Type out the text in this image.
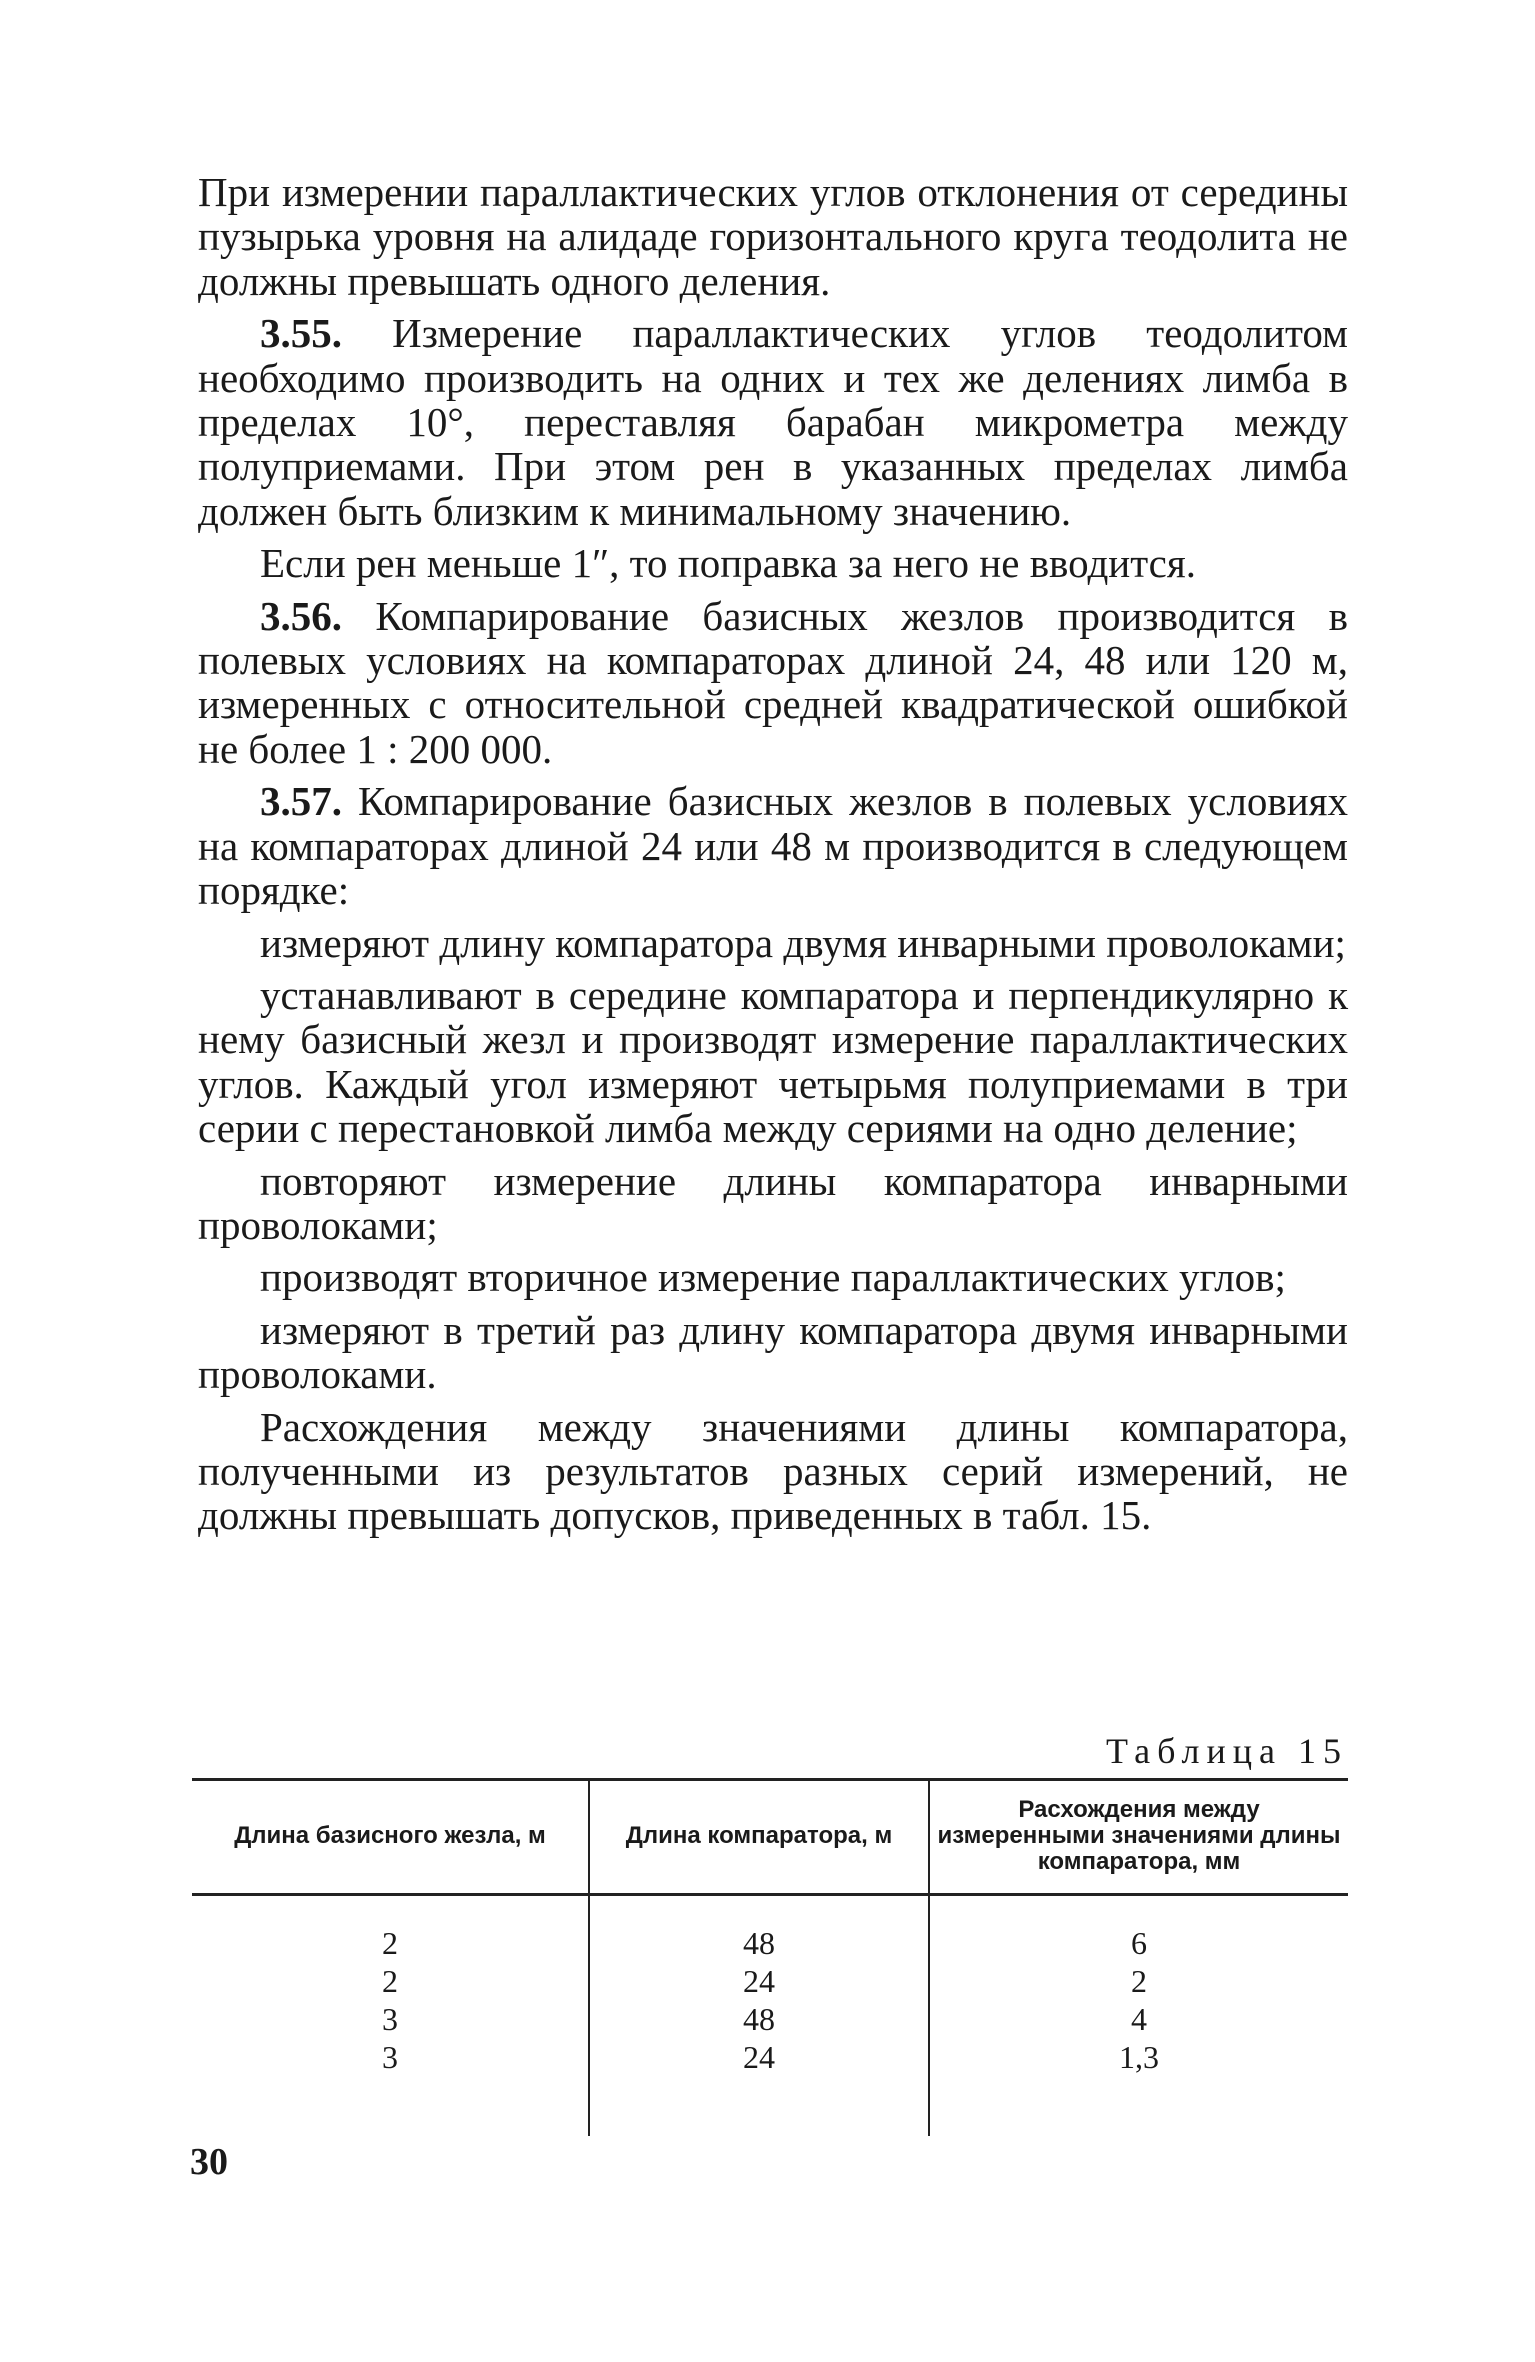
При измерении параллактических углов отклонения от середины пузырька уровня на алидаде горизонтального круга теодолита не должны превышать одного деления.

3.55. Измерение параллактических углов теодолитом необходимо производить на одних и тех же делениях лимба в пределах 10°, переставляя барабан микрометра между полуприемами. При этом рен в указанных пределах лимба должен быть близким к минимальному значению.

Если рен меньше 1″, то поправка за него не вводится.

3.56. Компарирование базисных жезлов производится в полевых условиях на компараторах длиной 24, 48 или 120 м, измеренных с относительной средней квадратической ошибкой не более 1 : 200 000.

3.57. Компарирование базисных жезлов в полевых условиях на компараторах длиной 24 или 48 м производится в следующем порядке:

измеряют длину компаратора двумя инварными проволоками;

устанавливают в середине компаратора и перпендикулярно к нему базисный жезл и производят измерение параллактических углов. Каждый угол измеряют четырьмя полуприемами в три серии с перестановкой лимба между сериями на одно деление;

повторяют измерение длины компаратора инварными проволоками;

производят вторичное измерение параллактических углов;

измеряют в третий раз длину компаратора двумя инварными проволоками.

Расхождения между значениями длины компаратора, полученными из результатов разных серий измерений, не должны превышать допусков, приведенных в табл. 15.

Таблица 15
Длина базисного жезла, м	Длина компаратора, м	Расхождения между измеренными значениями длины компаратора, мм
2	48	6
2	24	2
3	48	4
3	24	1,3
30
